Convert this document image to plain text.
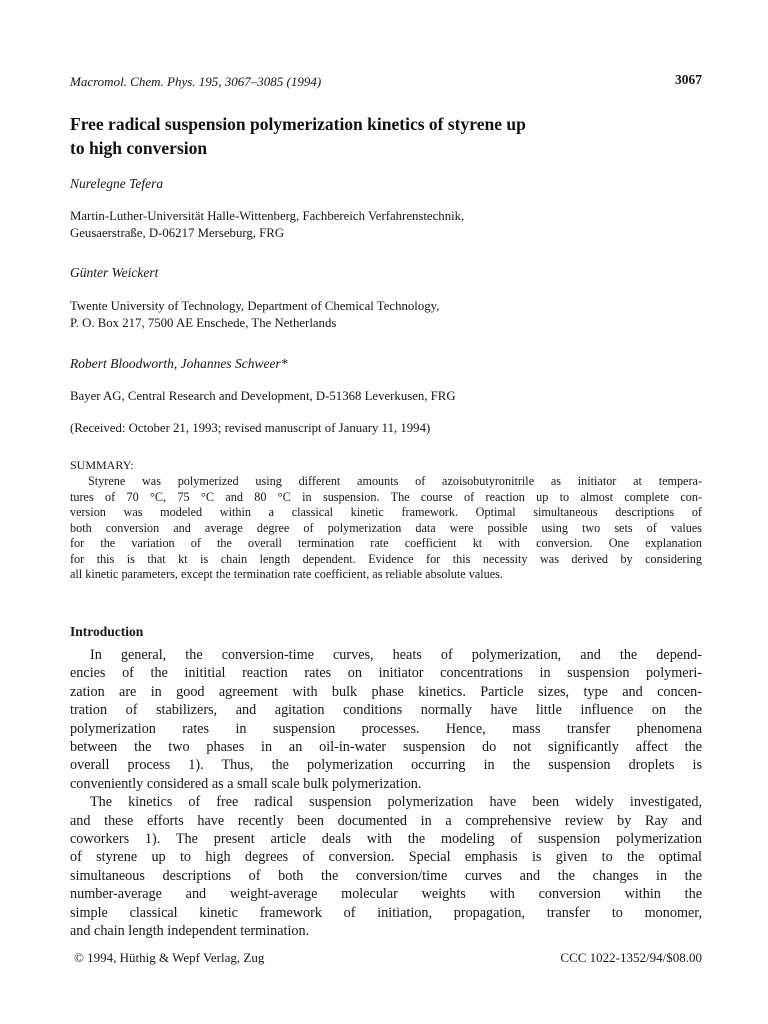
Macromol. Chem. Phys. 195, 3067–3085 (1994)	3067
Free radical suspension polymerization kinetics of styrene up
to high conversion
Nurelegne Tefera
Martin-Luther-Universität Halle-Wittenberg, Fachbereich Verfahrenstechnik,
Geusaerstraße, D-06217 Merseburg, FRG
Günter Weickert
Twente University of Technology, Department of Chemical Technology,
P. O. Box 217, 7500 AE Enschede, The Netherlands
Robert Bloodworth, Johannes Schweer*
Bayer AG, Central Research and Development, D-51368 Leverkusen, FRG
(Received: October 21, 1993; revised manuscript of January 11, 1994)
SUMMARY:
Styrene was polymerized using different amounts of azoisobutyronitrile as initiator at tempera-
tures of 70 °C, 75 °C and 80 °C in suspension. The course of reaction up to almost complete con-
version was modeled within a classical kinetic framework. Optimal simultaneous descriptions of
both conversion and average degree of polymerization data were possible using two sets of values
for the variation of the overall termination rate coefficient kt with conversion. One explanation
for this is that kt is chain length dependent. Evidence for this necessity was derived by considering
all kinetic parameters, except the termination rate coefficient, as reliable absolute values.
Introduction
In general, the conversion-time curves, heats of polymerization, and the depend-
encies of the inititial reaction rates on initiator concentrations in suspension polymeri-
zation are in good agreement with bulk phase kinetics. Particle sizes, type and concen-
tration of stabilizers, and agitation conditions normally have little influence on the
polymerization rates in suspension processes. Hence, mass transfer phenomena
between the two phases in an oil-in-water suspension do not significantly affect the
overall process 1). Thus, the polymerization occurring in the suspension droplets is
conveniently considered as a small scale bulk polymerization.
The kinetics of free radical suspension polymerization have been widely investigated,
and these efforts have recently been documented in a comprehensive review by Ray and
coworkers 1). The present article deals with the modeling of suspension polymerization
of styrene up to high degrees of conversion. Special emphasis is given to the optimal
simultaneous descriptions of both the conversion/time curves and the changes in the
number-average and weight-average molecular weights with conversion within the
simple classical kinetic framework of initiation, propagation, transfer to monomer,
and chain length independent termination.
© 1994, Hüthig & Wepf Verlag, Zug	CCC 1022-1352/94/$08.00
